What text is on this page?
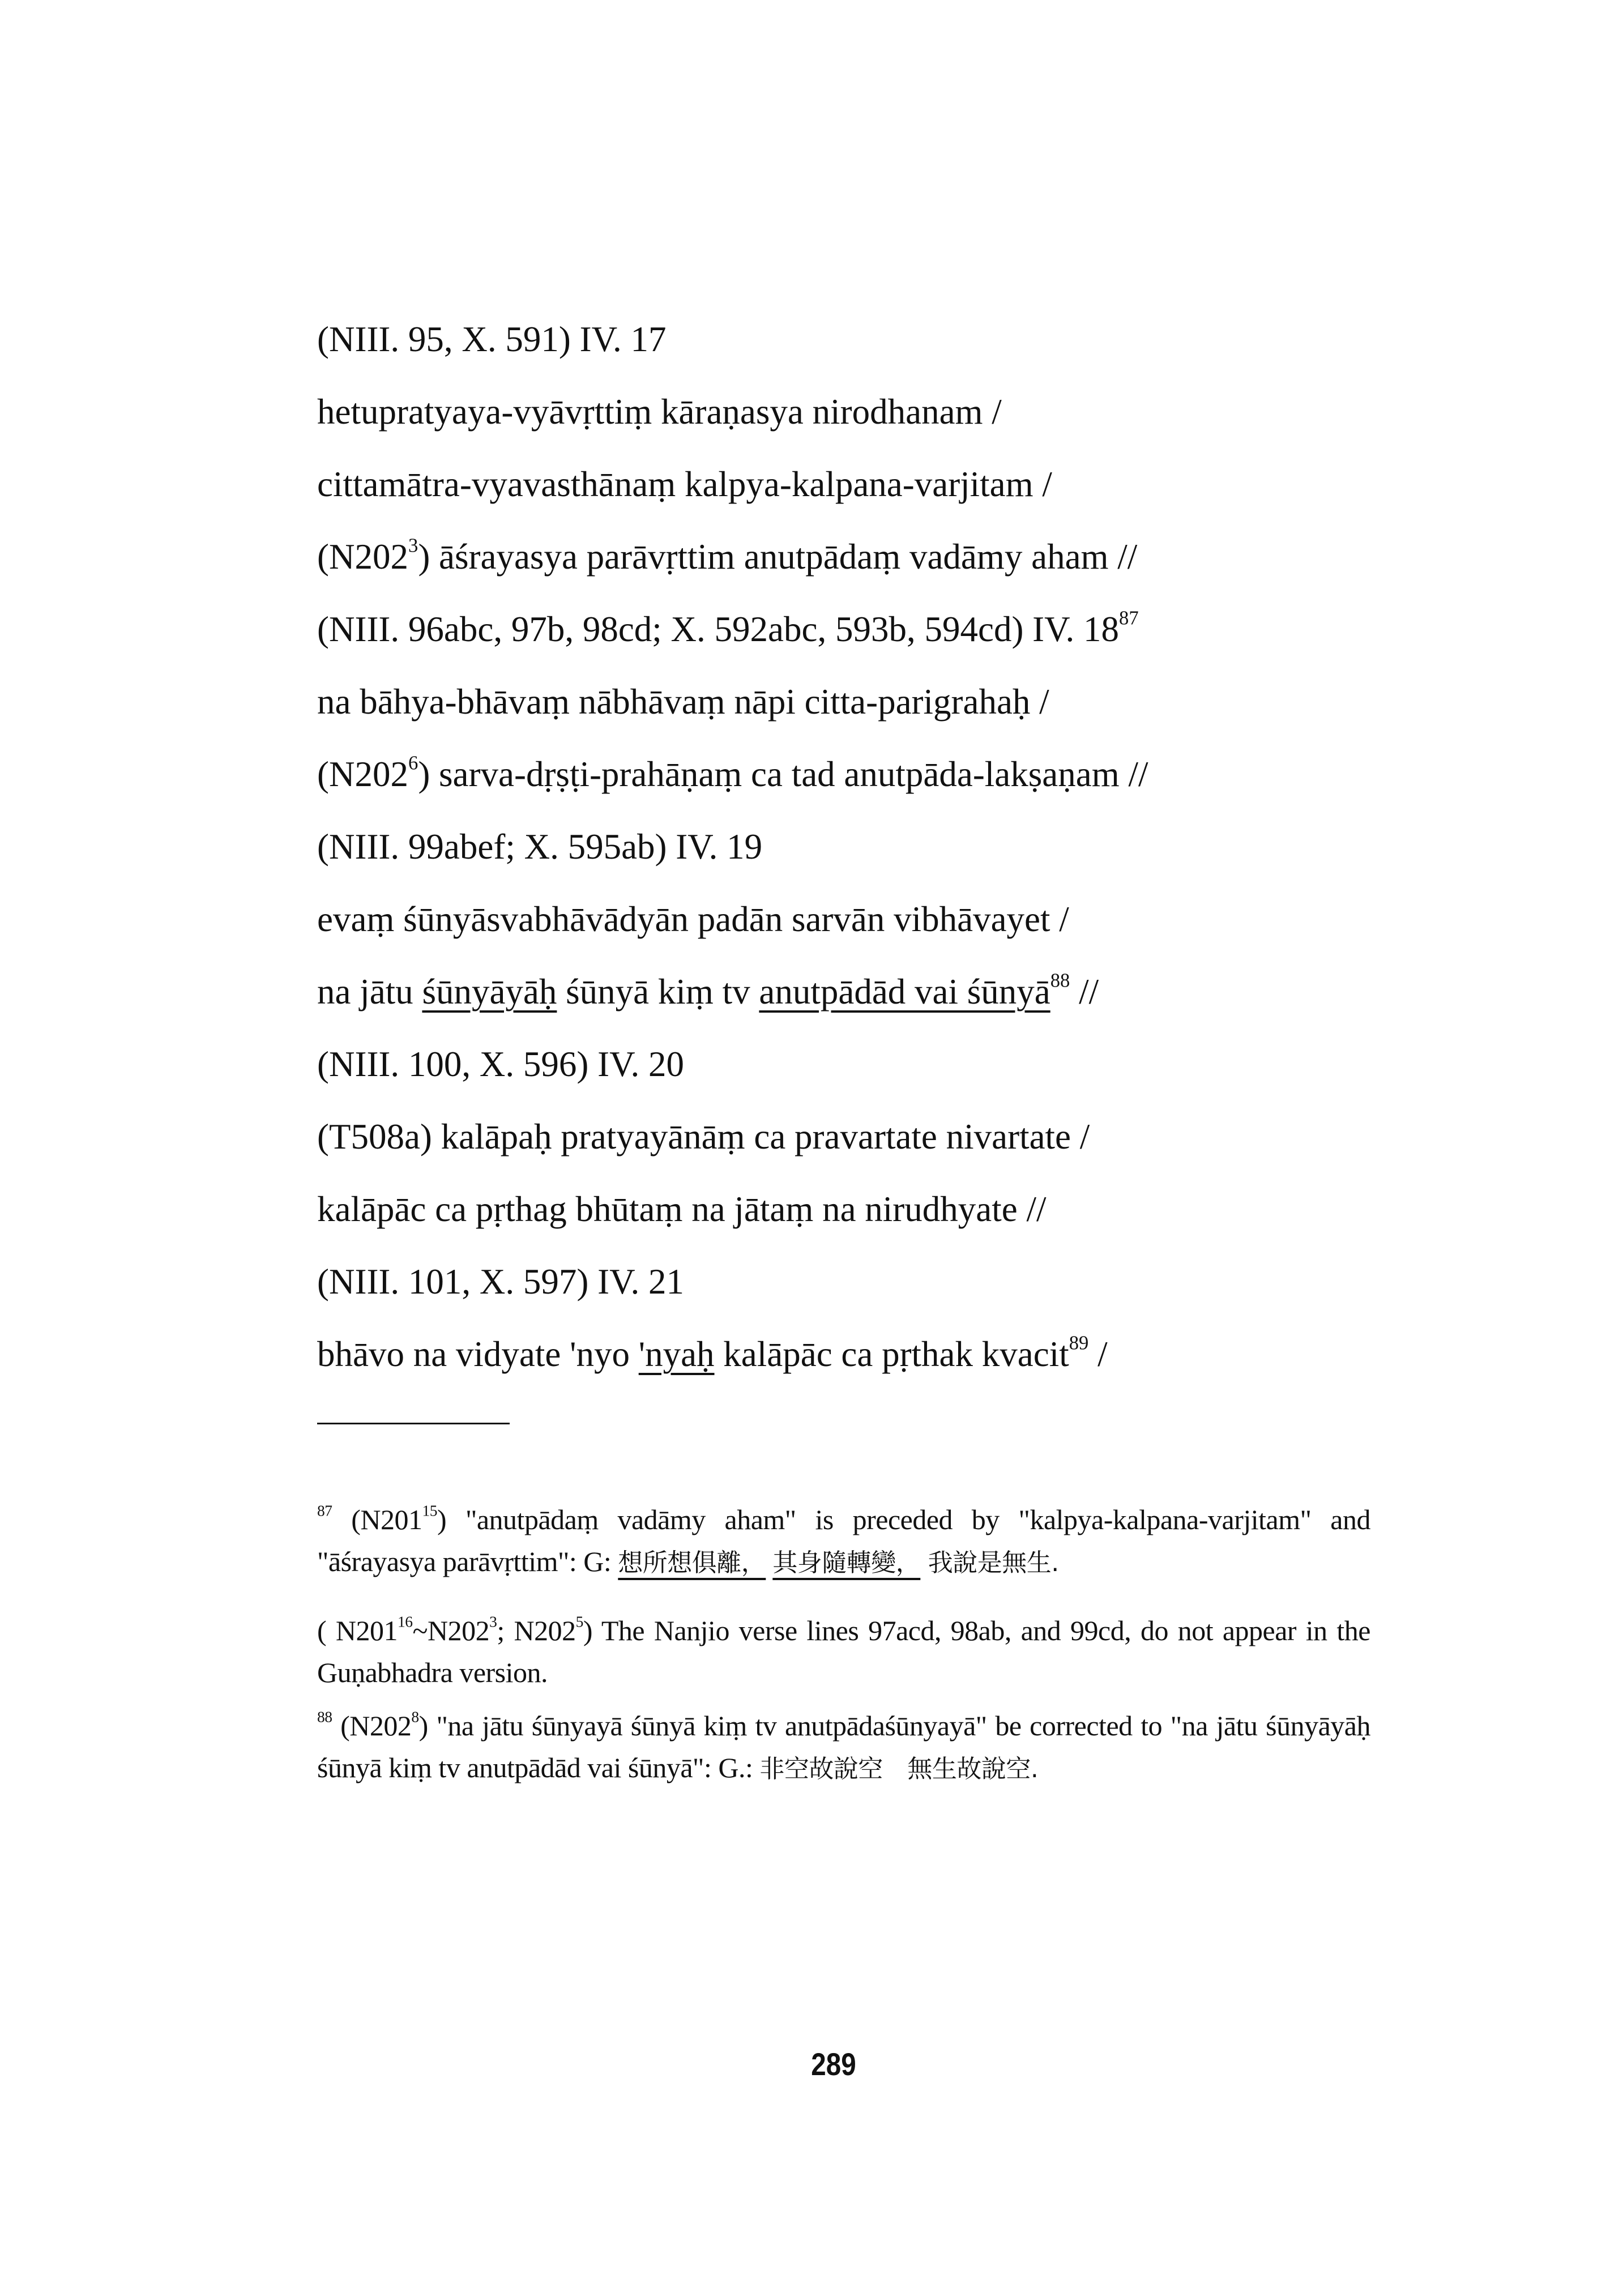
(NIII. 95, X. 591) IV. 17
hetupratyaya-vyāvṛttiṃ kāraṇasya nirodhanam /
cittamātra-vyavasthānaṃ kalpya-kalpana-varjitam /
$(N202^3)$ āśrayasya parāvṛttim anutpādaṃ vadāmy aham //
(NIII. 96abc, 97b, 98cd; X. 592abc, 593b, 594cd) IV. $18^{87}$
na bāhya-bhāvaṃ nābhāvaṃ nāpi citta-parigrahaḥ /
$(N202^6)$ sarva-dṛṣṭi-prahāṇaṃ ca tad anutpāda-lakṣaṇam //
(NIII. 99abef; X. 595ab) IV. 19
evaṃ śūnyāsvabhāvādyān padān sarvān vibhāvayet /
na jātu śūnyāyāḥ śūnyā kiṃ tv anutpādād vai śūnyā$^{88}$ //
(NIII. 100, X. 596) IV. 20
(T508a) kalāpaḥ pratyayānāṃ ca pravartate nivartate /
kalāpāc ca pṛthag bhūtaṃ na jātaṃ na nirudhyate //
(NIII. 101, X. 597) IV. 21
bhāvo na vidyate 'nyo 'nyaḥ kalāpāc ca pṛthak kvacit$^{89}$ /
$^{87}$ $(N201^{15})$ "anutpādaṃ vadāmy aham" is preceded by "kalpya-kalpana-varjitam" and "āśrayasya parāvṛttim": G: 想所想俱離， 其身隨轉變， 我說是無生.
( $N201^{16}\sim N202^3$; $N202^5$) The Nanjio verse lines 97acd, 98ab, and 99cd, do not appear in the Guṇabhadra version.
$^{88}$ $(N202^8)$ "na jātu śūnyayā śūnyā kiṃ tv anutpādaśūnyayā" be corrected to "na jātu śūnyāyāḥ śūnyā kiṃ tv anutpādād vai śūnyā": G.: 非空故說空　無生故說空.
289
